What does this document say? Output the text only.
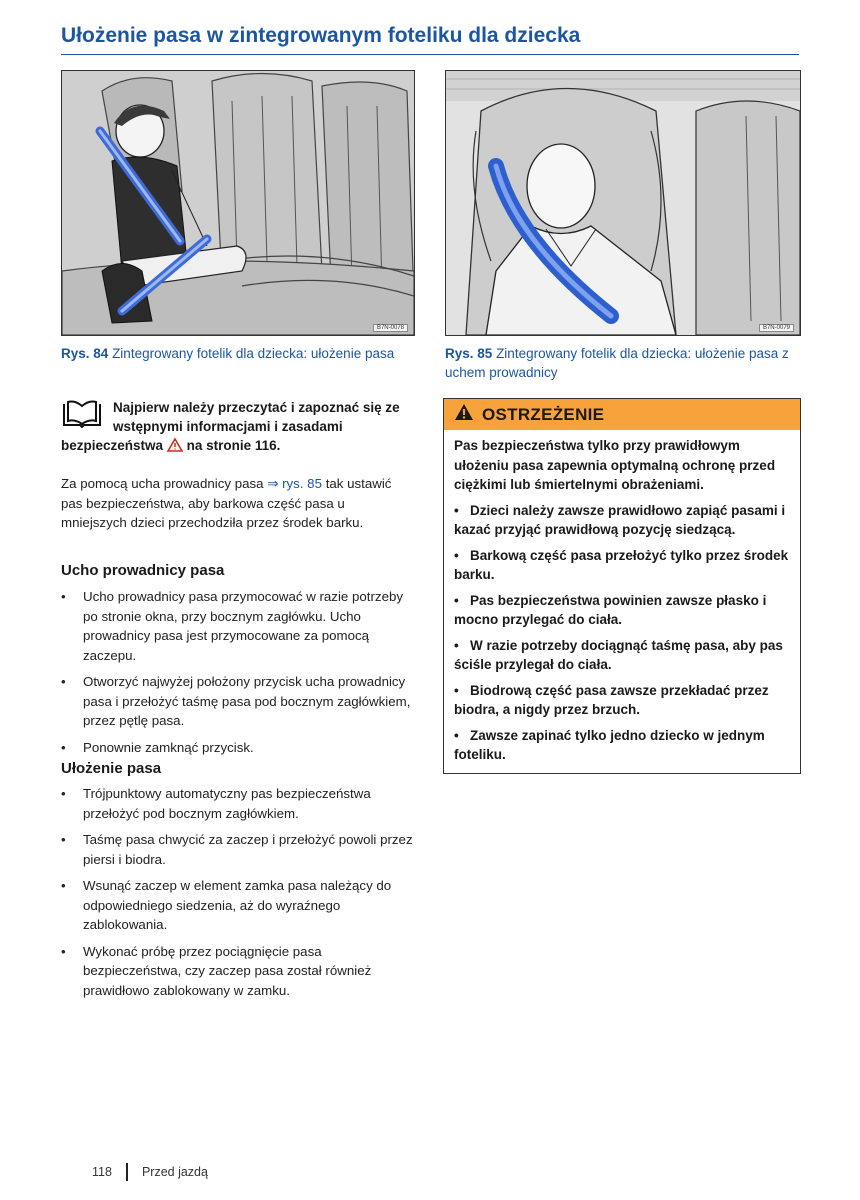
Ułożenie pasa w zintegrowanym foteliku dla dziecka
B7N-0078	B7N-0079
Rys. 84 Zintegrowany fotelik dla dziecka: ułożenie pasa	Rys. 85 Zintegrowany fotelik dla dziecka: ułożenie pasa z uchem prowadnicy
Najpierw należy przeczytać i zapoznać się ze wstępnymi informacjami i zasadami bezpieczeństwa na stronie 116.

Za pomocą ucha prowadnicy pasa ⇒ rys. 85 tak ustawić pas bezpieczeństwa, aby barkowa część pasa u mniejszych dzieci przechodziła przez środek barku.

Ucho prowadnicy pasa
• Ucho prowadnicy pasa przymocować w razie potrzeby po stronie okna, przy bocznym zagłówku. Ucho prowadnicy pasa jest przymocowane za pomocą zaczepu.
• Otworzyć najwyżej położony przycisk ucha prowadnicy pasa i przełożyć taśmę pasa pod bocznym zagłówkiem, przez pętlę pasa.
• Ponownie zamknąć przycisk.
Ułożenie pasa
• Trójpunktowy automatyczny pas bezpieczeństwa przełożyć pod bocznym zagłówkiem.
• Taśmę pasa chwycić za zaczep i przełożyć powoli przez piersi i biodra.
• Wsunąć zaczep w element zamka pasa należący do odpowiedniego siedzenia, aż do wyraźnego zablokowania.
• Wykonać próbę przez pociągnięcie pasa bezpieczeństwa, czy zaczep pasa został również prawidłowo zablokowany w zamku.
OSTRZEŻENIE

Pas bezpieczeństwa tylko przy prawidłowym ułożeniu pasa zapewnia optymalną ochronę przed ciężkimi lub śmiertelnymi obrażeniami.

•   Dzieci należy zawsze prawidłowo zapiąć pasami i kazać przyjąć prawidłową pozycję siedzącą.
•   Barkową część pasa przełożyć tylko przez środek barku.
•   Pas bezpieczeństwa powinien zawsze płasko i mocno przylegać do ciała.
•   W razie potrzeby dociągnąć taśmę pasa, aby pas ściśle przylegał do ciała.
•   Biodrową część pasa zawsze przekładać przez biodra, a nigdy przez brzuch.
•   Zawsze zapinać tylko jedno dziecko w jednym foteliku.
118 Przed jazdą
